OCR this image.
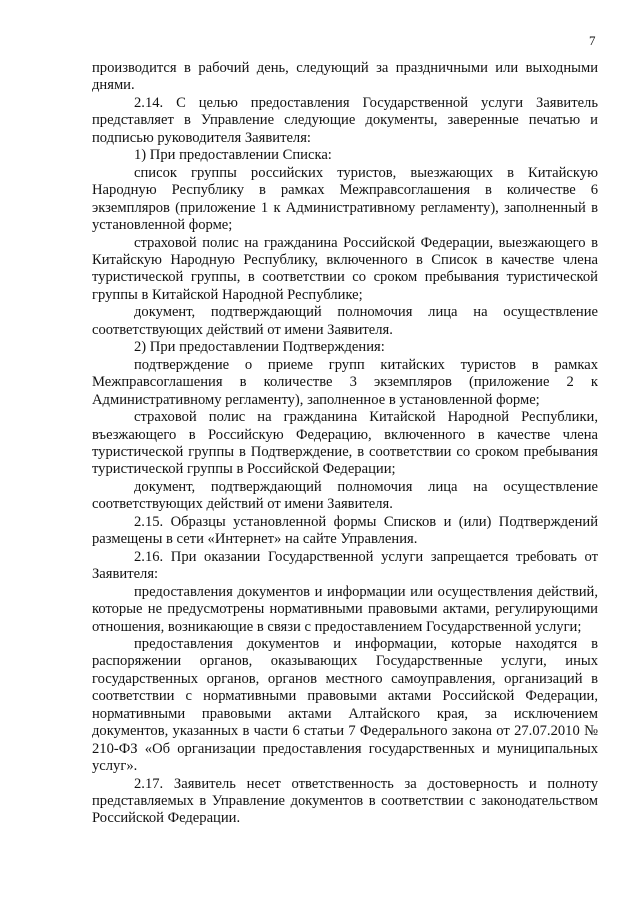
7

производится в рабочий день, следующий за праздничными или выходными днями.

2.14. С целью предоставления Государственной услуги Заявитель представляет в Управление следующие документы, заверенные печатью и подписью руководителя Заявителя:

1) При предоставлении Списка:

список группы российских туристов, выезжающих в Китайскую Народную Республику в рамках Межправсоглашения в количестве 6 экземпляров (приложение 1 к Административному регламенту), заполненный в установленной форме;

страховой полис на гражданина Российской Федерации, выезжающего в Китайскую Народную Республику, включенного в Список в качестве члена туристической группы, в соответствии со сроком пребывания туристической группы в Китайской Народной Республике;

документ, подтверждающий полномочия лица на осуществление соответствующих действий от имени Заявителя.

2) При предоставлении Подтверждения:

подтверждение о приеме групп китайских туристов в рамках Межправсоглашения в количестве 3 экземпляров (приложение 2 к Административному регламенту), заполненное в установленной форме;

страховой полис на гражданина Китайской Народной Республики, въезжающего в Российскую Федерацию, включенного в качестве члена туристической группы в Подтверждение, в соответствии со сроком пребывания туристической группы в Российской Федерации;

документ, подтверждающий полномочия лица на осуществление соответствующих действий от имени Заявителя.

2.15. Образцы установленной формы Списков и (или) Подтверждений размещены в сети «Интернет» на сайте Управления.

2.16. При оказании Государственной услуги запрещается требовать от Заявителя:

предоставления документов и информации или осуществления действий, которые не предусмотрены нормативными правовыми актами, регулирующими отношения, возникающие в связи с предоставлением Государственной услуги;

предоставления документов и информации, которые находятся в распоряжении органов, оказывающих Государственные услуги, иных государственных органов, органов местного самоуправления, организаций в соответствии с нормативными правовыми актами Российской Федерации, нормативными правовыми актами Алтайского края, за исключением документов, указанных в части 6 статьи 7 Федерального закона от 27.07.2010 № 210-ФЗ «Об организации предоставления государственных и муниципальных услуг».

2.17. Заявитель несет ответственность за достоверность и полноту представляемых в Управление документов в соответствии с законодательством Российской Федерации.
